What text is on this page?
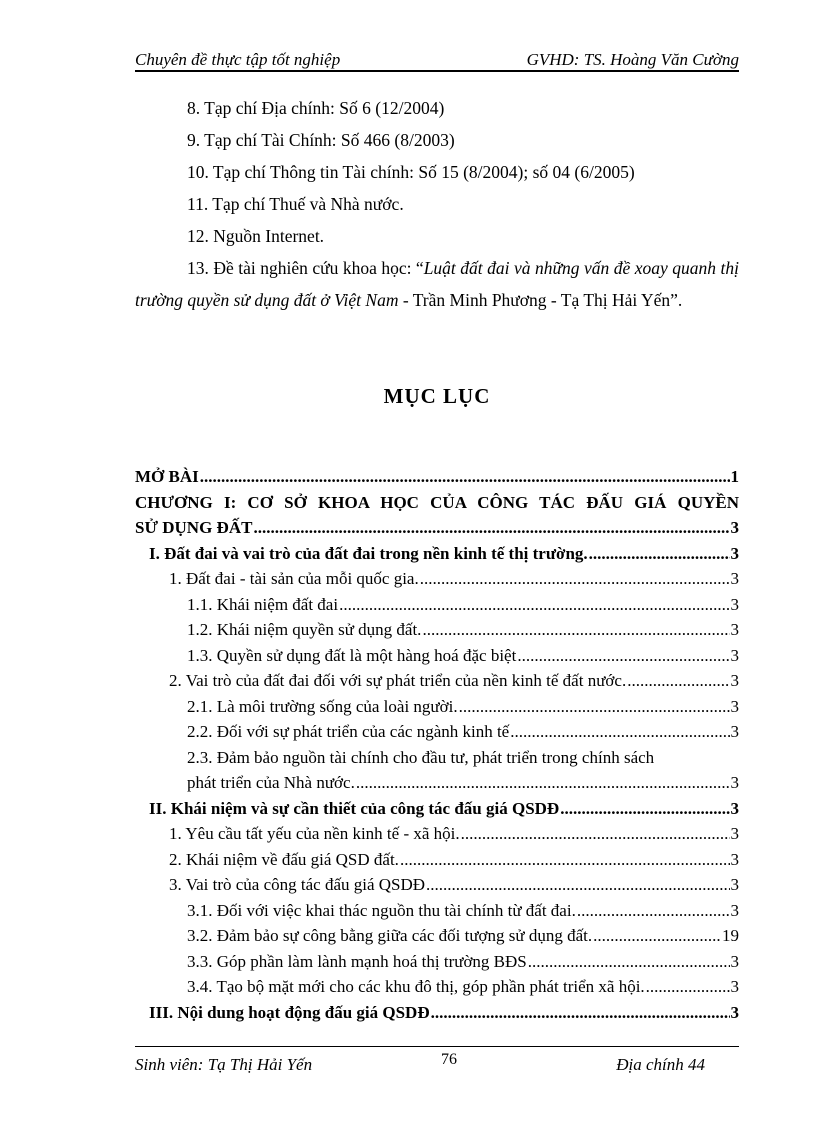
Chuyên đề thực tập tốt nghiệp	GVHD: TS. Hoàng Văn Cường
8. Tạp chí Địa chính: Số 6 (12/2004)
9. Tạp chí Tài Chính: Số 466 (8/2003)
10. Tạp chí Thông tin Tài chính: Số 15 (8/2004); số 04 (6/2005)
11. Tạp chí Thuế và Nhà nước.
12. Nguồn Internet.
13. Đề tài nghiên cứu khoa học: “Luật đất đai và những vấn đề xoay quanh thị trường quyền sử dụng đất ở Việt Nam - Trần Minh Phương - Tạ Thị Hải Yến”.
MỤC LỤC
MỞ BÀI .....	1
CHƯƠNG I: CƠ SỞ KHOA HỌC CỦA CÔNG TÁC ĐẤU GIÁ QUYỀN
SỬ DỤNG ĐẤT .....	3
I. Đất đai và vai trò của đất đai trong nền kinh tế thị trường. .....	3
1. Đất đai - tài sản của mỗi quốc gia. .....	3
1.1. Khái niệm đất đai .....	3
1.2. Khái niệm quyền sử dụng đất. .....	3
1.3. Quyền sử dụng đất là một hàng hoá đặc biệt .....	3
2. Vai trò của đất đai đối với sự phát triển của nền kinh tế đất nước. .....	3
2.1. Là môi trường sống của loài người. .....	3
2.2. Đối với sự phát triển của các ngành kinh tế .....	3
2.3. Đảm bảo nguồn tài chính cho đầu tư, phát triển trong chính sách
phát triển của Nhà nước. .....	3
II. Khái niệm và sự cần thiết của công tác đấu giá QSDĐ .....	3
1. Yêu cầu tất yếu của nền kinh tế - xã hội. .....	3
2. Khái niệm về đấu giá QSD đất. .....	3
3. Vai trò của công tác đấu giá QSDĐ .....	3
3.1. Đối với việc khai thác nguồn thu tài chính từ đất đai. .....	3
3.2. Đảm bảo sự công bằng giữa các đối tượng sử dụng đất. .....	19
3.3. Góp phần làm lành mạnh hoá thị trường BĐS .....	3
3.4. Tạo bộ mặt mới cho các khu đô thị, góp phần phát triển xã hội. .....	3
III. Nội dung hoạt động đấu giá QSDĐ .....	3
Sinh viên: Tạ Thị Hải Yến	76	Địa chính 44
